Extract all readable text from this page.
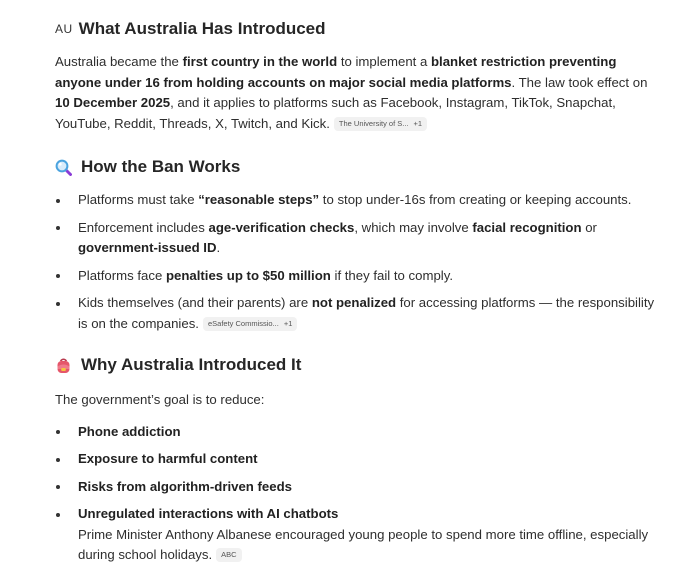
AU What Australia Has Introduced

Australia became the first country in the world to implement a blanket restriction preventing anyone under 16 from holding accounts on major social media platforms. The law took effect on 10 December 2025, and it applies to platforms such as Facebook, Instagram, TikTok, Snapchat, YouTube, Reddit, Threads, X, Twitch, and Kick. The University of S... +1

How the Ban Works
Platforms must take “reasonable steps” to stop under-16s from creating or keeping accounts.
Enforcement includes age-verification checks, which may involve facial recognition or government-issued ID.
Platforms face penalties up to $50 million if they fail to comply.
Kids themselves (and their parents) are not penalized for accessing platforms — the responsibility is on the companies. eSafety Commissio... +1
Why Australia Introduced It

The government’s goal is to reduce:

Phone addiction
Exposure to harmful content
Risks from algorithm-driven feeds
Unregulated interactions with AI chatbots
Prime Minister Anthony Albanese encouraged young people to spend more time offline, especially during school holidays. ABC
